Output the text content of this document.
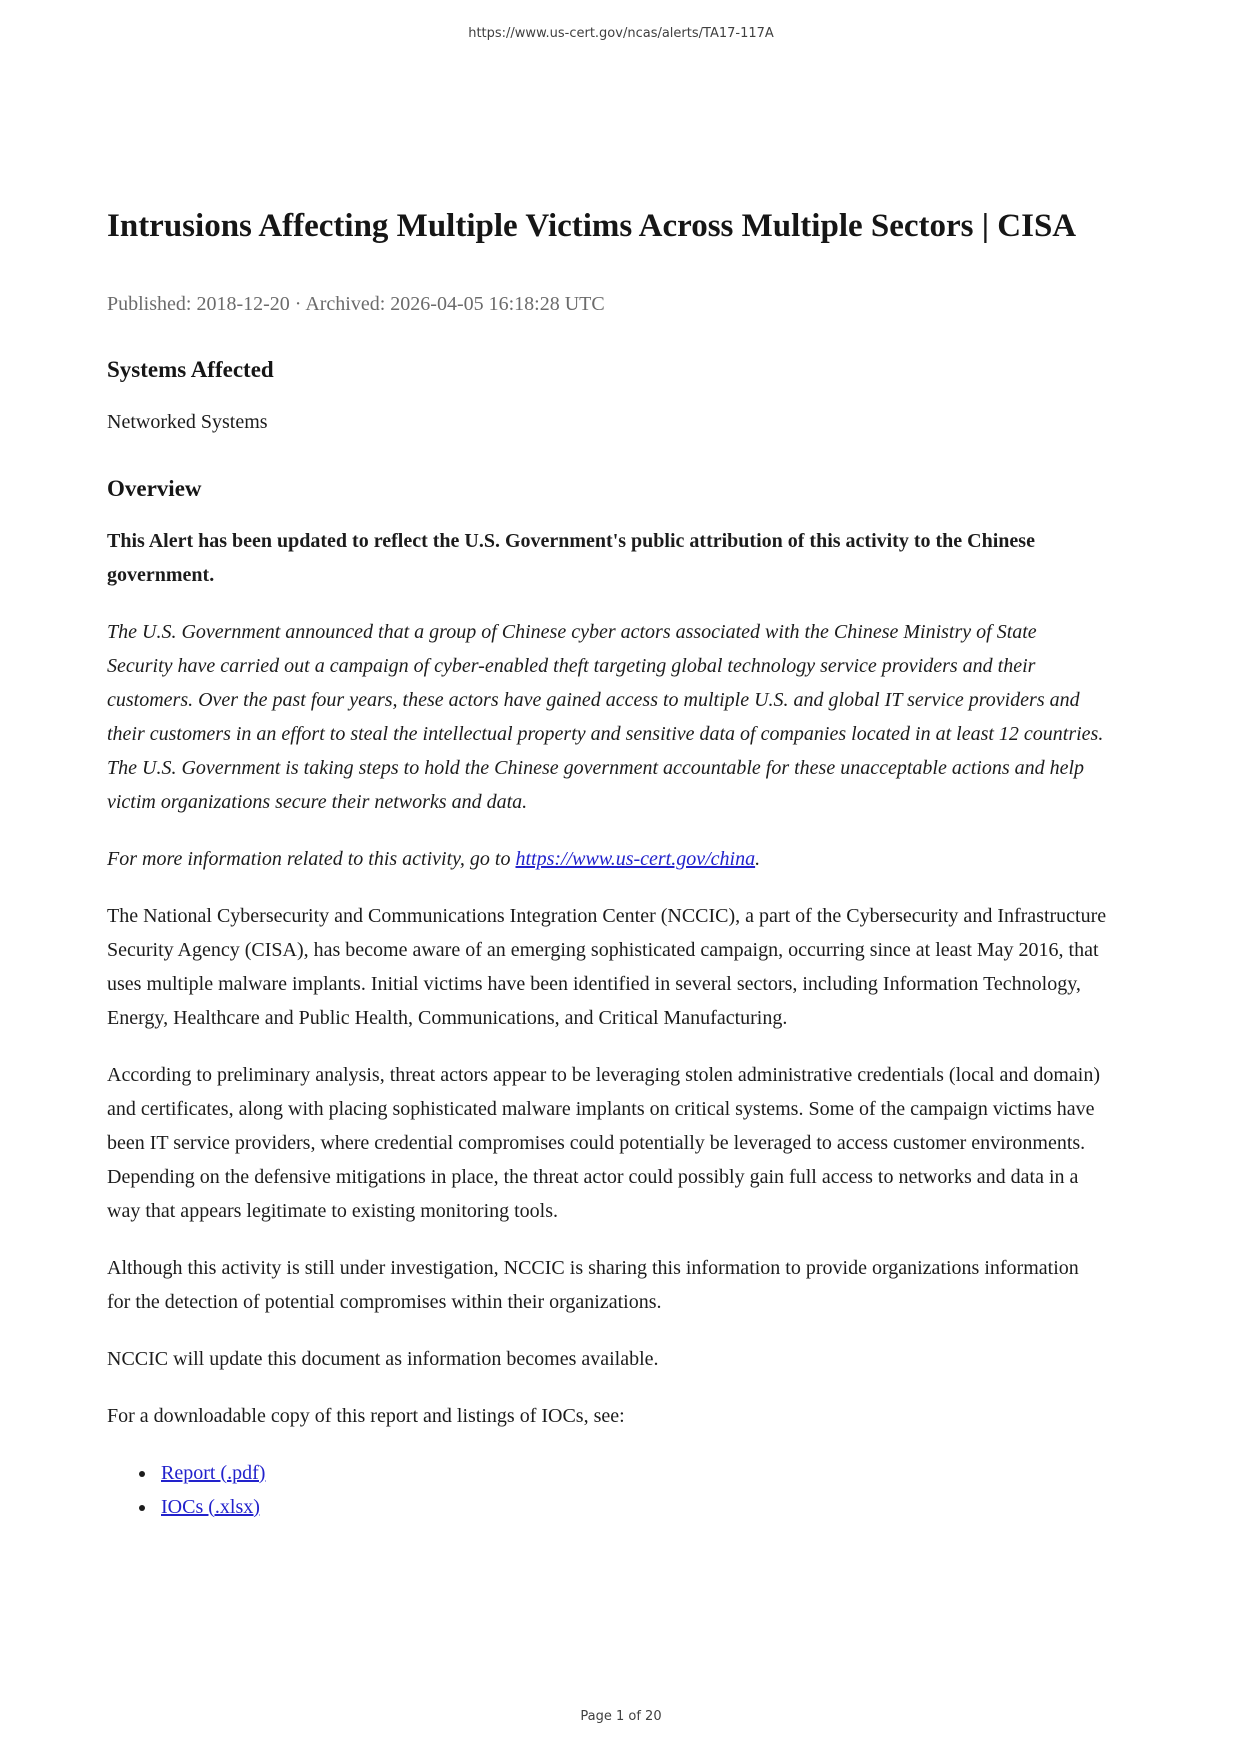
https://www.us-cert.gov/ncas/alerts/TA17-117A
Intrusions Affecting Multiple Victims Across Multiple Sectors | CISA

Published: 2018-12-20 · Archived: 2026-04-05 16:18:28 UTC

Systems Affected

Networked Systems

Overview

This Alert has been updated to reflect the U.S. Government's public attribution of this activity to the Chinese government.

The U.S. Government announced that a group of Chinese cyber actors associated with the Chinese Ministry of State Security have carried out a campaign of cyber-enabled theft targeting global technology service providers and their customers. Over the past four years, these actors have gained access to multiple U.S. and global IT service providers and their customers in an effort to steal the intellectual property and sensitive data of companies located in at least 12 countries. The U.S. Government is taking steps to hold the Chinese government accountable for these unacceptable actions and help victim organizations secure their networks and data.

For more information related to this activity, go to https://www.us-cert.gov/china.

The National Cybersecurity and Communications Integration Center (NCCIC), a part of the Cybersecurity and Infrastructure Security Agency (CISA), has become aware of an emerging sophisticated campaign, occurring since at least May 2016, that uses multiple malware implants. Initial victims have been identified in several sectors, including Information Technology, Energy, Healthcare and Public Health, Communications, and Critical Manufacturing.

According to preliminary analysis, threat actors appear to be leveraging stolen administrative credentials (local and domain) and certificates, along with placing sophisticated malware implants on critical systems. Some of the campaign victims have been IT service providers, where credential compromises could potentially be leveraged to access customer environments. Depending on the defensive mitigations in place, the threat actor could possibly gain full access to networks and data in a way that appears legitimate to existing monitoring tools.

Although this activity is still under investigation, NCCIC is sharing this information to provide organizations information for the detection of potential compromises within their organizations.

NCCIC will update this document as information becomes available.

For a downloadable copy of this report and listings of IOCs, see:

• Report (.pdf)
• IOCs (.xlsx)
Page 1 of 20
